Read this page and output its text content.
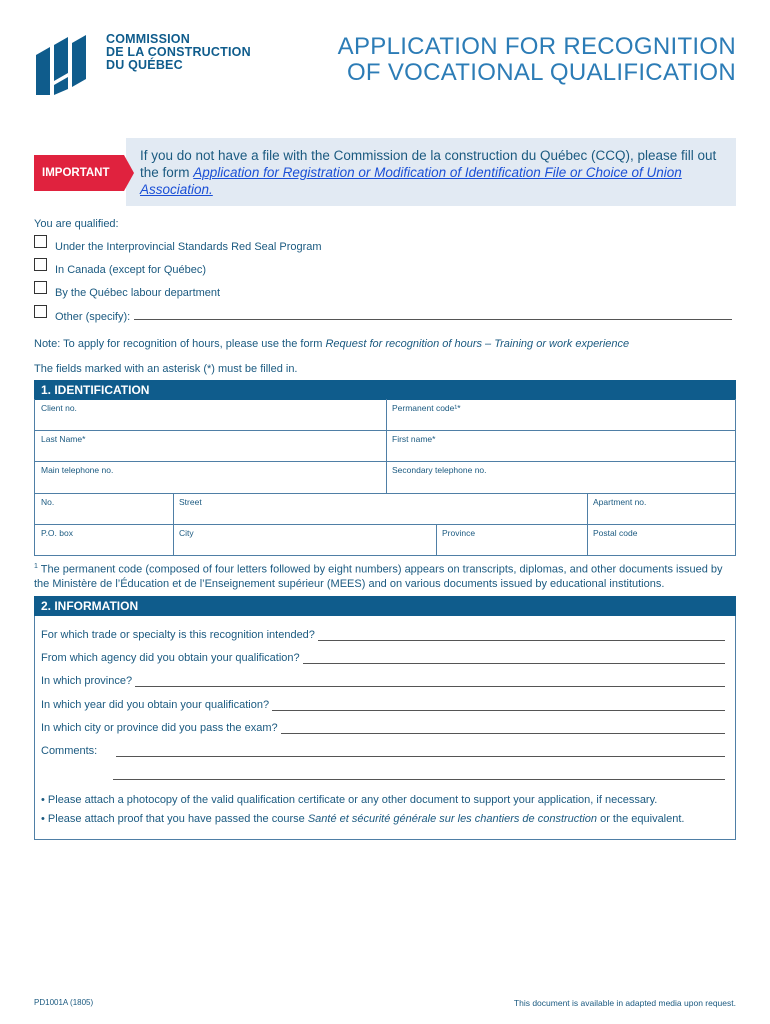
COMMISSION
DE LA CONSTRUCTION
DU QUÉBEC
APPLICATION FOR RECOGNITION
OF VOCATIONAL QUALIFICATION
IMPORTANT
If you do not have a file with the Commission de la construction du Québec (CCQ), please fill out the form Application for Registration or Modification of Identification File or Choice of Union Association.
You are qualified:
Under the Interprovincial Standards Red Seal Program
In Canada (except for Québec)
By the Québec labour department
Other (specify):
Note: To apply for recognition of hours, please use the form Request for recognition of hours – Training or work experience
The fields marked with an asterisk (*) must be filled in.
1. IDENTIFICATION
Client no.	Permanent code¹*
Last Name*	First name*
Main telephone no.	Secondary telephone no.
No.	Street	Apartment no.
P.O. box	City	Province	Postal code
$^1$ The permanent code (composed of four letters followed by eight numbers) appears on transcripts, diplomas, and other documents issued by the Ministère de l’Éducation et de l’Enseignement supérieur (MEES) and on various documents issued by educational institutions.
2. INFORMATION
For which trade or specialty is this recognition intended?
From which agency did you obtain your qualification?
In which province?
In which year did you obtain your qualification?
In which city or province did you pass the exam?
Comments:
• Please attach a photocopy of the valid qualification certificate or any other document to support your application, if necessary.
• Please attach proof that you have passed the course Santé et sécurité générale sur les chantiers de construction or the equivalent.
PD1001A (1805)	This document is available in adapted media upon request.
